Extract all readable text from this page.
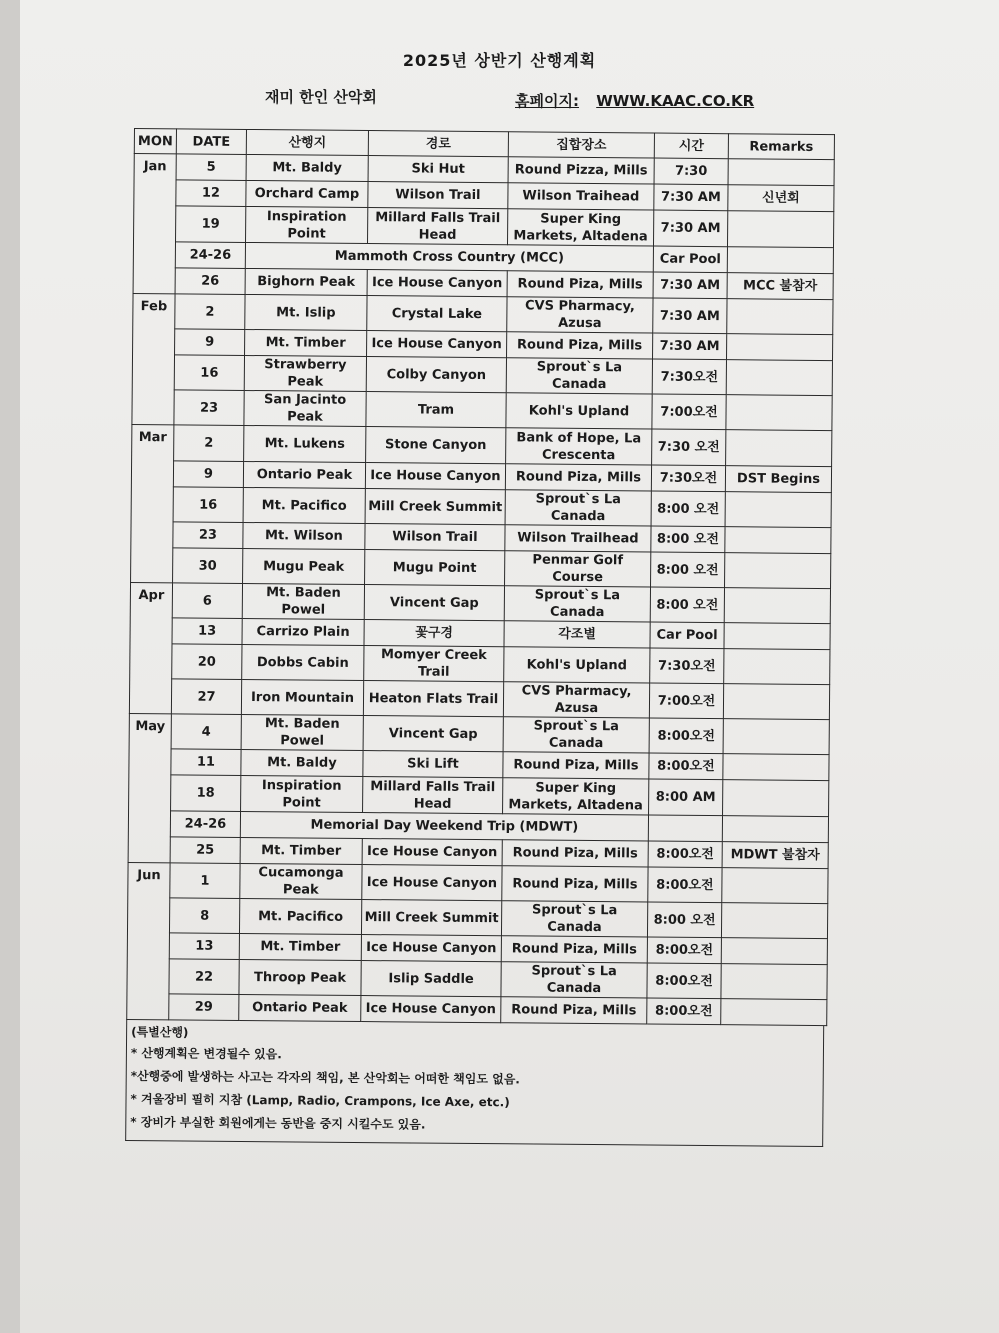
2025년 상반기 산행계획
재미 한인 산악회	홈페이지: WWW.KAAC.CO.KR
MON	DATE	산행지	경로	집합장소	시간	Remarks
Jan	5	Mt. Baldy	Ski Hut	Round Pizza, Mills	7:30	
	12	Orchard Camp	Wilson Trail	Wilson Traihead	7:30 AM	신년회
	19	Inspiration Point	Millard Falls Trail Head	Super King Markets, Altadena	7:30 AM	
	24-26	Mammoth Cross Country (MCC)			Car Pool	
	26	Bighorn Peak	Ice House Canyon	Round Piza, Mills	7:30 AM	MCC 불참자
Feb	2	Mt. Islip	Crystal Lake	CVS Pharmacy, Azusa	7:30 AM	
	9	Mt. Timber	Ice House Canyon	Round Piza, Mills	7:30 AM	
	16	Strawberry Peak	Colby Canyon	Sprout`s La Canada	7:30오전	
	23	San Jacinto Peak	Tram	Kohl's Upland	7:00오전	
Mar	2	Mt. Lukens	Stone Canyon	Bank of Hope, La Crescenta	7:30 오전	
	9	Ontario Peak	Ice House Canyon	Round Piza, Mills	7:30오전	DST Begins
	16	Mt. Pacifico	Mill Creek Summit	Sprout`s La Canada	8:00 오전	
	23	Mt. Wilson	Wilson Trail	Wilson Trailhead	8:00 오전	
	30	Mugu Peak	Mugu Point	Penmar Golf Course	8:00 오전	
Apr	6	Mt. Baden Powel	Vincent Gap	Sprout`s La Canada	8:00 오전	
	13	Carrizo Plain	꽃구경	각조별	Car Pool	
	20	Dobbs Cabin	Momyer Creek Trail	Kohl's Upland	7:30오전	
	27	Iron Mountain	Heaton Flats Trail	CVS Pharmacy, Azusa	7:00오전	
May	4	Mt. Baden Powel	Vincent Gap	Sprout`s La Canada	8:00오전	
	11	Mt. Baldy	Ski Lift	Round Piza, Mills	8:00오전	
	18	Inspiration Point	Millard Falls Trail Head	Super King Markets, Altadena	8:00 AM	
	24-26	Memorial Day Weekend Trip (MDWT)				
	25	Mt. Timber	Ice House Canyon	Round Piza, Mills	8:00오전	MDWT 불참자
Jun	1	Cucamonga Peak	Ice House Canyon	Round Piza, Mills	8:00오전	
	8	Mt. Pacifico	Mill Creek Summit	Sprout`s La Canada	8:00 오전	
	13	Mt. Timber	Ice House Canyon	Round Piza, Mills	8:00오전	
	22	Throop Peak	Islip Saddle	Sprout`s La Canada	8:00오전	
	29	Ontario Peak	Ice House Canyon	Round Piza, Mills	8:00오전	
(특별산행)
* 산행계획은 변경될수 있음.
*산행중에 발생하는 사고는 각자의 책임, 본 산악회는 어떠한 책임도 없음.
* 겨울장비 필히 지참 (Lamp, Radio, Crampons, Ice Axe, etc.)
* 장비가 부실한 회원에게는 동반을 중지 시킬수도 있음.
